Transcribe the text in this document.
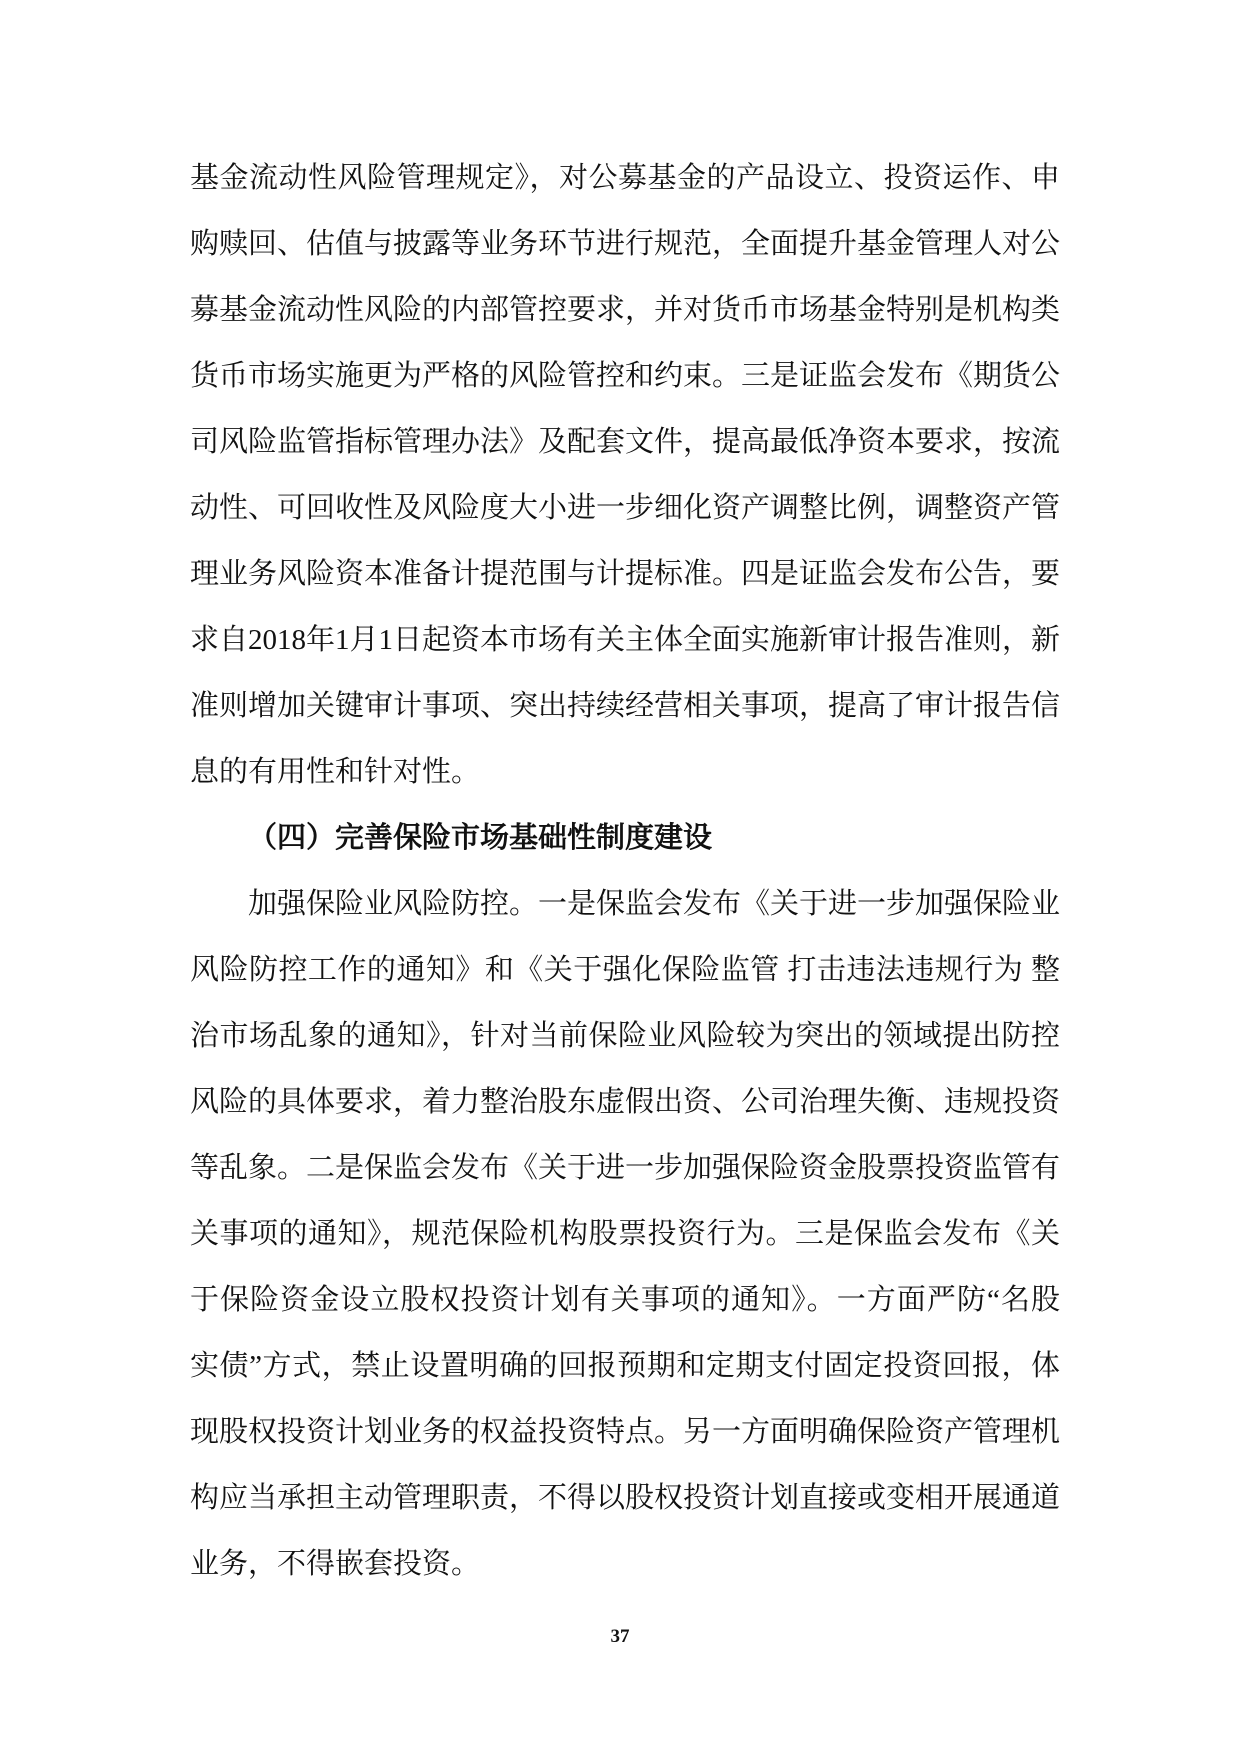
基金流动性风险管理规定》，对公募基金的产品设立、投资运作、申
购赎回、估值与披露等业务环节进行规范，全面提升基金管理人对公
募基金流动性风险的内部管控要求，并对货币市场基金特别是机构类
货币市场实施更为严格的风险管控和约束。三是证监会发布《期货公
司风险监管指标管理办法》及配套文件，提高最低净资本要求，按流
动性、可回收性及风险度大小进一步细化资产调整比例，调整资产管
理业务风险资本准备计提范围与计提标准。四是证监会发布公告，要
求自2018年1月1日起资本市场有关主体全面实施新审计报告准则，新
准则增加关键审计事项、突出持续经营相关事项，提高了审计报告信
息的有用性和针对性。
（四）完善保险市场基础性制度建设
加强保险业风险防控。一是保监会发布《关于进一步加强保险业
风险防控工作的通知》和《关于强化保险监管 打击违法违规行为 整
治市场乱象的通知》，针对当前保险业风险较为突出的领域提出防控
风险的具体要求，着力整治股东虚假出资、公司治理失衡、违规投资
等乱象。二是保监会发布《关于进一步加强保险资金股票投资监管有
关事项的通知》，规范保险机构股票投资行为。三是保监会发布《关
于保险资金设立股权投资计划有关事项的通知》。一方面严防“名股
实债”方式，禁止设置明确的回报预期和定期支付固定投资回报，体
现股权投资计划业务的权益投资特点。另一方面明确保险资产管理机
构应当承担主动管理职责，不得以股权投资计划直接或变相开展通道
业务，不得嵌套投资。
37
